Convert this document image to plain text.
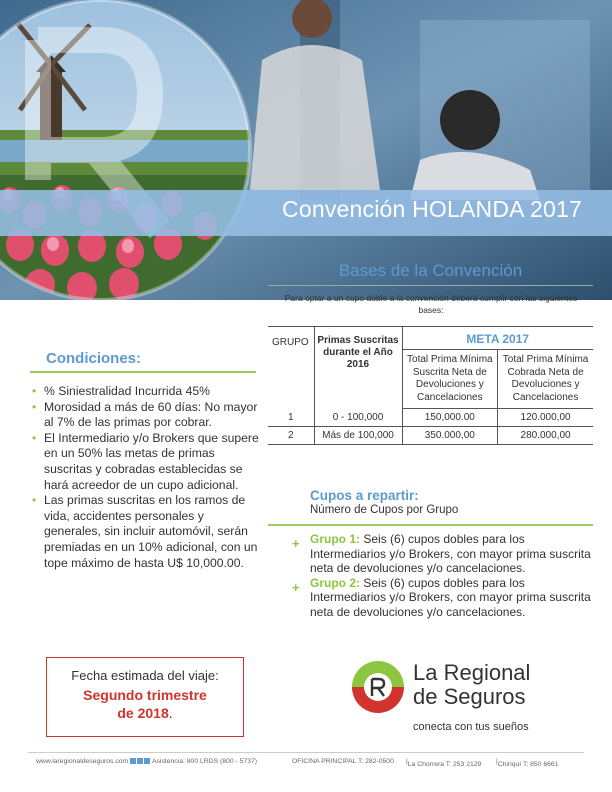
Convención HOLANDA 2017
Condiciones:
• % Siniestralidad Incurrida 45%
• Morosidad a más de 60 días: No mayor al 7% de las primas por cobrar.
• El Intermediario y/o Brokers que supere en un 50% las metas de primas suscritas y cobradas establecidas se hará acreedor de un cupo adicional.
• Las primas suscritas en los ramos de vida, accidentes personales y generales, sin incluir automóvil, serán premiadas en un 10% adicional, con un tope máximo de hasta U$ 10,000.00.
Fecha estimada del viaje:
Segundo trimestre
de 2018.
Bases de la Convención
Para optar a un cupo doble a la convención deberá cumplir con las siguientes bases:
GRUPO	Primas Suscritas durante el Año 2016	META 2017	
		Total Prima Mínima Suscrita Neta de Devoluciones y Cancelaciones	Total Prima Mínima Cobrada Neta de Devoluciones y Cancelaciones
1	0 - 100,000	150,000.00	120.000,00
2	Más de 100,000	350.000,00	280.000,00
Cupos a repartir:
Número de Cupos por Grupo
+ Grupo 1: Seis (6) cupos dobles para los Intermediarios y/o Brokers, con mayor prima suscrita neta de devoluciones y/o cancelaciones.
+ Grupo 2: Seis (6) cupos dobles para los Intermediarios y/o Brokers, con mayor prima suscrita neta de devoluciones y/o cancelaciones.
La Regional
de Seguros
conecta con tus sueños
www.laregionaldeseguros.com	Asistencia: 800 LRDS (800 - 5737)	OFICINA PRINCIPAL T: 282-0500 | La Chorrera T: 253 2129 | Chiriquí T: 850 6661
